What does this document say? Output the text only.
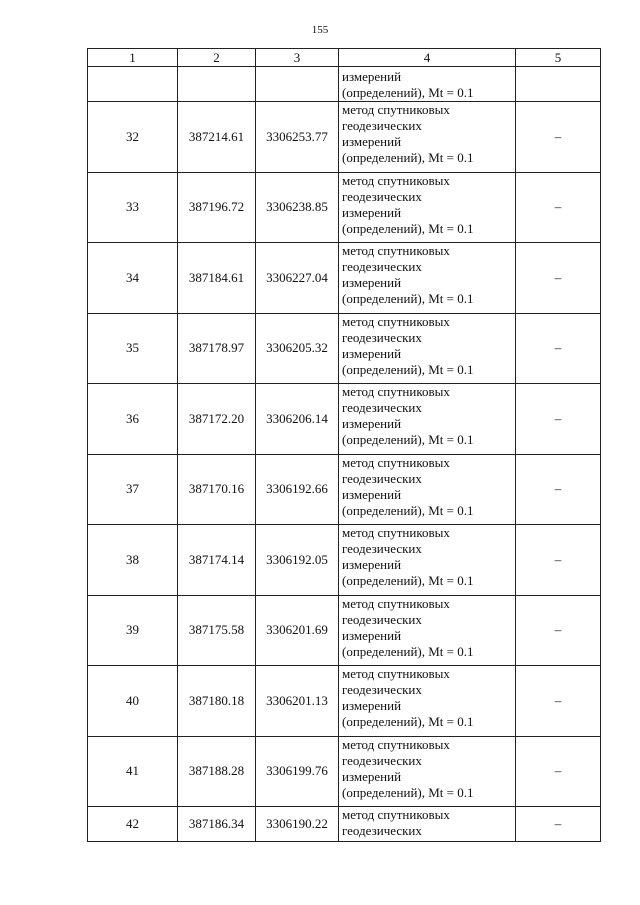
155
1	2	3	4	5
			измерений
(определений), Mt = 0.1	
32	387214.61	3306253.77	метод спутниковых
геодезических
измерений
(определений), Mt = 0.1	–
33	387196.72	3306238.85	метод спутниковых
геодезических
измерений
(определений), Mt = 0.1	–
34	387184.61	3306227.04	метод спутниковых
геодезических
измерений
(определений), Mt = 0.1	–
35	387178.97	3306205.32	метод спутниковых
геодезических
измерений
(определений), Mt = 0.1	–
36	387172.20	3306206.14	метод спутниковых
геодезических
измерений
(определений), Mt = 0.1	–
37	387170.16	3306192.66	метод спутниковых
геодезических
измерений
(определений), Mt = 0.1	–
38	387174.14	3306192.05	метод спутниковых
геодезических
измерений
(определений), Mt = 0.1	–
39	387175.58	3306201.69	метод спутниковых
геодезических
измерений
(определений), Mt = 0.1	–
40	387180.18	3306201.13	метод спутниковых
геодезических
измерений
(определений), Mt = 0.1	–
41	387188.28	3306199.76	метод спутниковых
геодезических
измерений
(определений), Mt = 0.1	–
42	387186.34	3306190.22	метод спутниковых
геодезических	–
